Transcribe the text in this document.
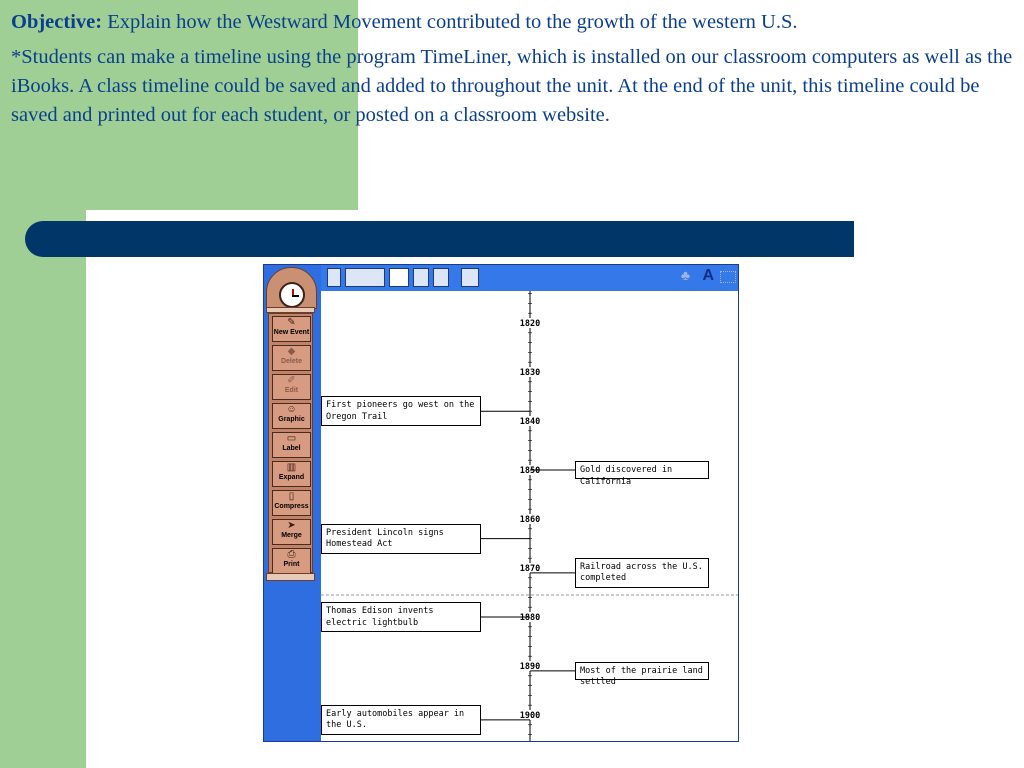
Objective: Explain how the Westward Movement contributed to the growth of the western U.S.

*Students can make a timeline using the program TimeLiner, which is installed on our classroom computers as well as the iBooks. A class timeline could be saved and added to throughout the unit. At the end of the unit, this timeline could be saved and printed out for each student, or posted on a classroom website.

✎
New Event
◆
Delete
✐
Edit
☺
Graphic
▭
Label
▥
Expand
▯
Compress
➤
Merge
⎙
Print
♣ A
1820
1830
1840
1850
1860
1870
1880
1890
1900
First pioneers go west on the Oregon Trail
Gold discovered in California
President Lincoln signs Homestead Act
Railroad across the U.S. completed
Thomas Edison invents electric lightbulb
Most of the prairie land settled
Early automobiles appear in the U.S.
